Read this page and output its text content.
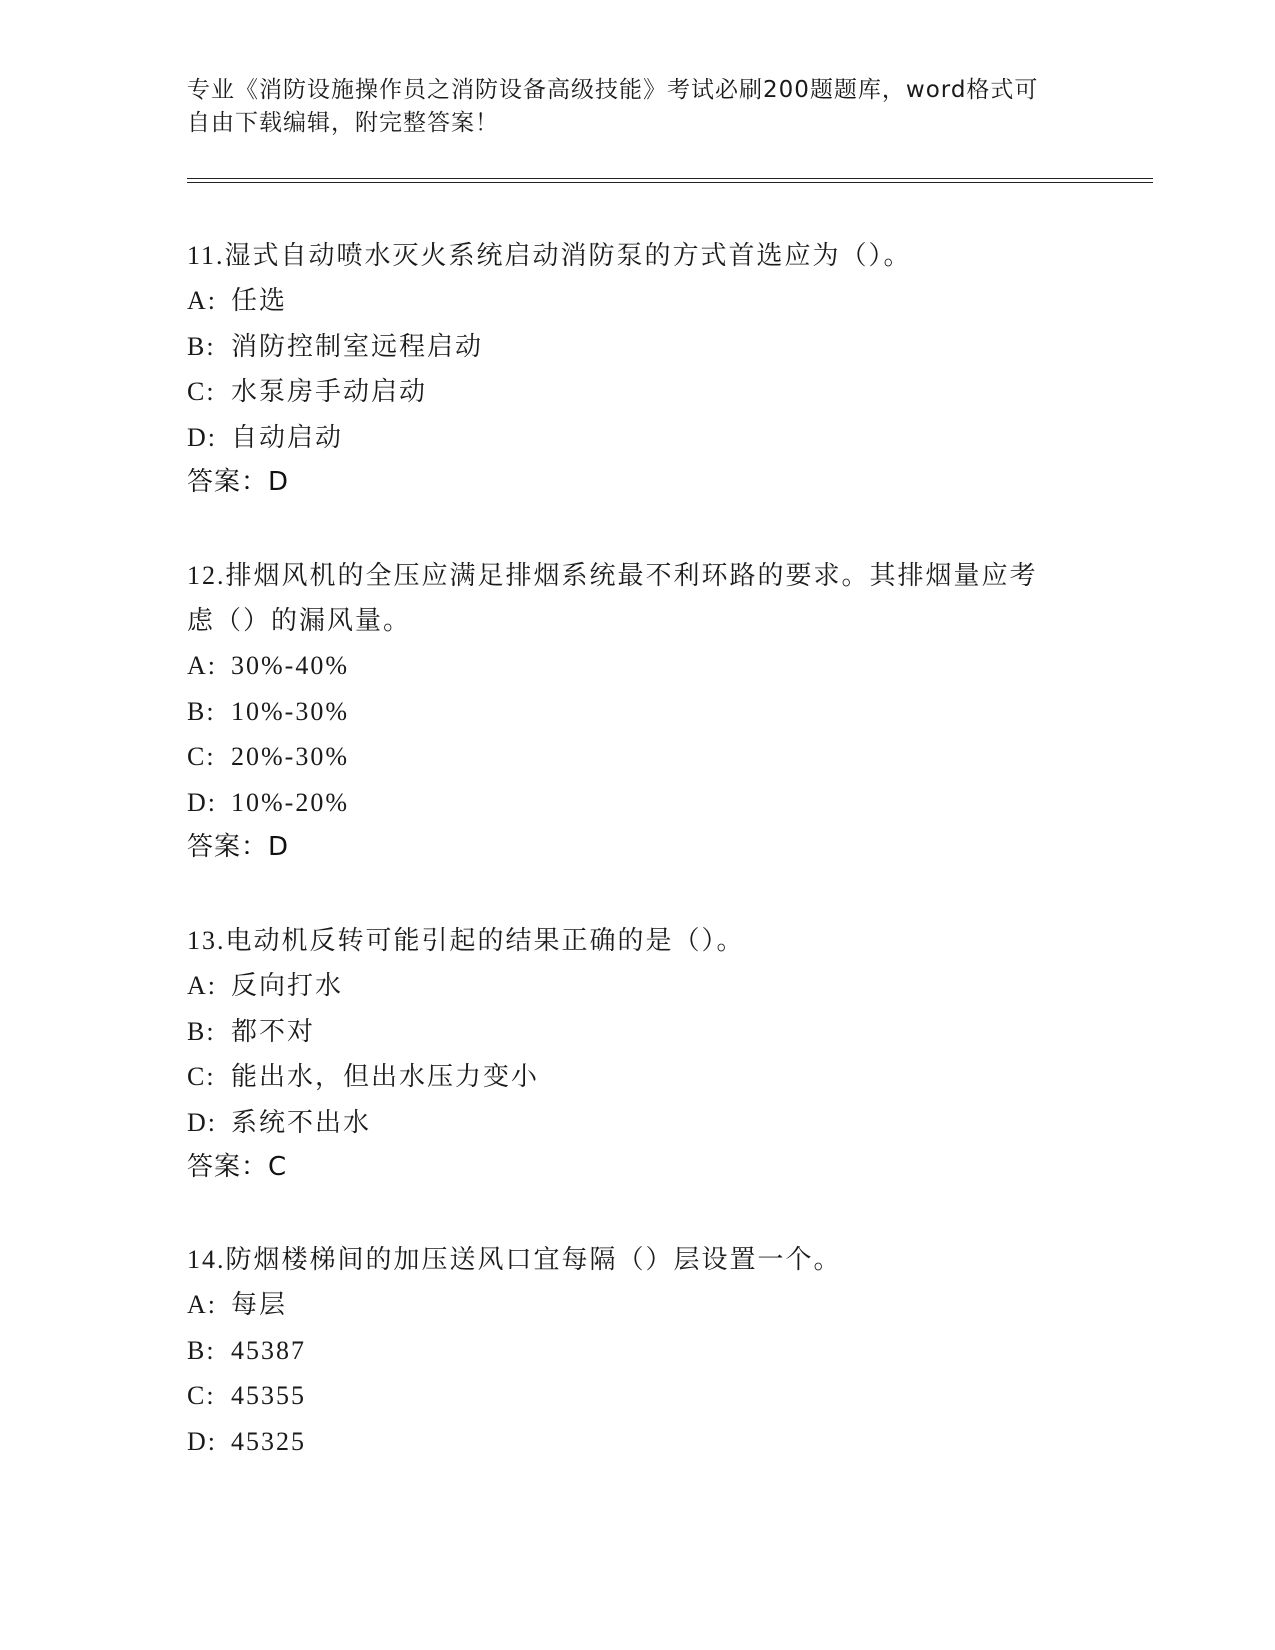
专业《消防设施操作员之消防设备高级技能》考试必刷200题题库，word格式可
自由下载编辑，附完整答案！
11.湿式自动喷水灭火系统启动消防泵的方式首选应为（）。
A: 任选
B: 消防控制室远程启动
C: 水泵房手动启动
D: 自动启动
答案：D
12.排烟风机的全压应满足排烟系统最不利环路的要求。其排烟量应考虑（）的漏风量。
A: 30%-40%
B: 10%-30%
C: 20%-30%
D: 10%-20%
答案：D
13.电动机反转可能引起的结果正确的是（）。
A: 反向打水
B: 都不对
C: 能出水，但出水压力变小
D: 系统不出水
答案：C
14.防烟楼梯间的加压送风口宜每隔（）层设置一个。
A: 每层
B: 45387
C: 45355
D: 45325
